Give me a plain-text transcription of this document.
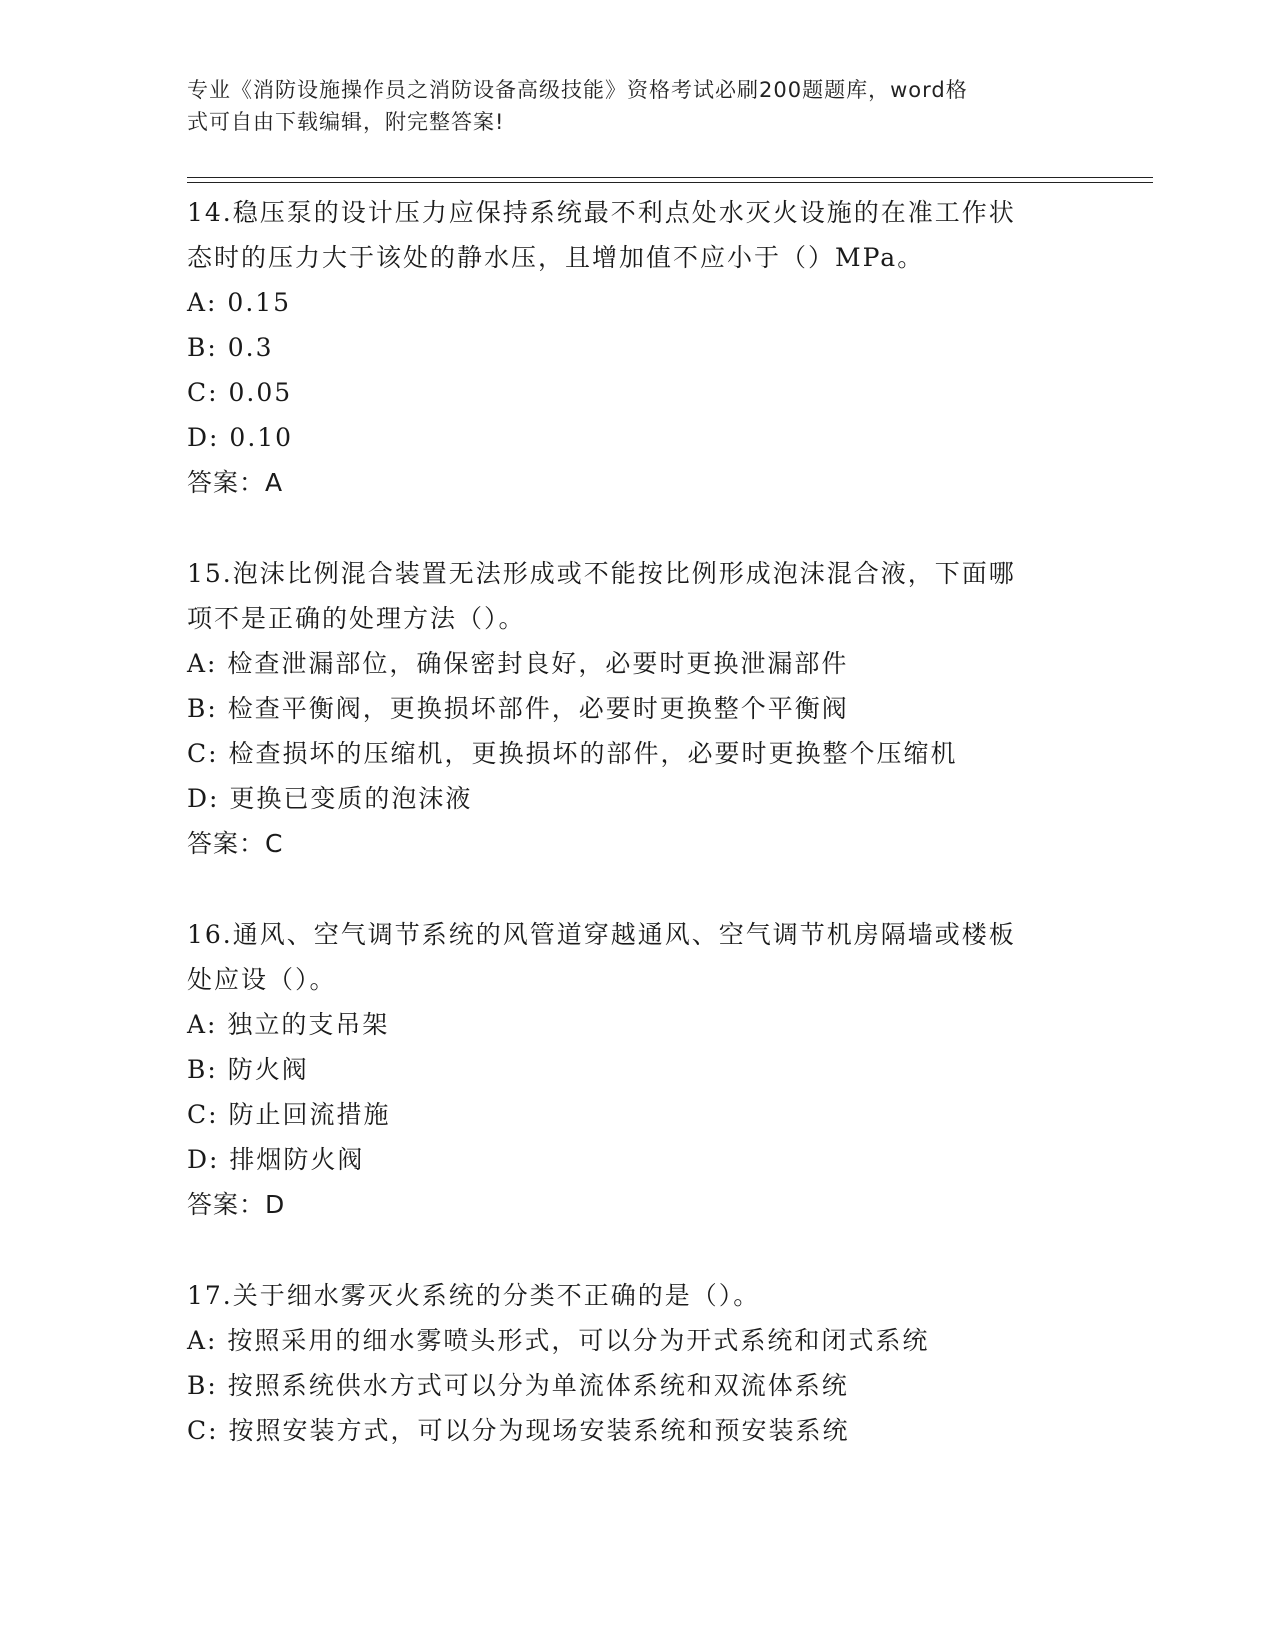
专业《消防设施操作员之消防设备高级技能》资格考试必刷200题题库，word格
式可自由下载编辑，附完整答案!
14.稳压泵的设计压力应保持系统最不利点处水灭火设施的在准工作状
态时的压力大于该处的静水压，且增加值不应小于（）MPa。
A: 0.15
B: 0.3
C: 0.05
D: 0.10
答案：A
15.泡沫比例混合装置无法形成或不能按比例形成泡沫混合液，下面哪
项不是正确的处理方法（）。
A: 检查泄漏部位，确保密封良好，必要时更换泄漏部件
B: 检查平衡阀，更换损坏部件，必要时更换整个平衡阀
C: 检查损坏的压缩机，更换损坏的部件，必要时更换整个压缩机
D: 更换已变质的泡沫液
答案：C
16.通风、空气调节系统的风管道穿越通风、空气调节机房隔墙或楼板
处应设（）。
A: 独立的支吊架
B: 防火阀
C: 防止回流措施
D: 排烟防火阀
答案：D
17.关于细水雾灭火系统的分类不正确的是（）。
A: 按照采用的细水雾喷头形式，可以分为开式系统和闭式系统
B: 按照系统供水方式可以分为单流体系统和双流体系统
C: 按照安装方式，可以分为现场安装系统和预安装系统
